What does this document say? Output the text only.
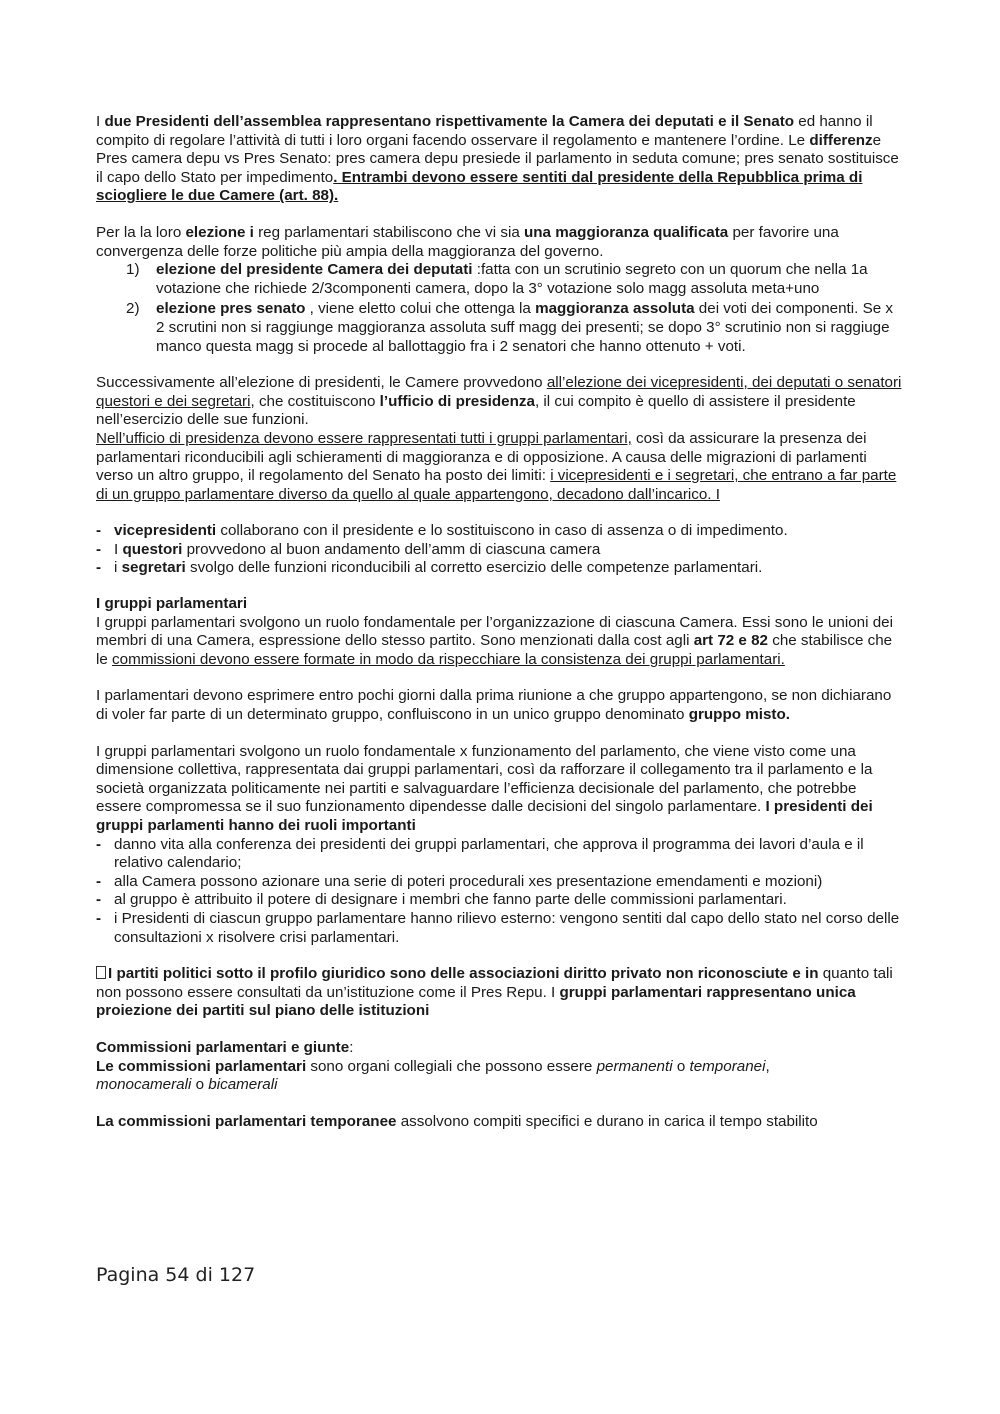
I due Presidenti dell’assemblea rappresentano rispettivamente la Camera dei deputati e il Senato ed hanno il compito di regolare l’attività di tutti i loro organi facendo osservare il regolamento e mantenere l’ordine. Le differenze Pres camera depu vs Pres Senato: pres camera depu presiede il parlamento in seduta comune; pres senato sostituisce il capo dello Stato per impedimento. Entrambi devono essere sentiti dal presidente della Repubblica prima di sciogliere le due Camere (art. 88).

Per la la loro elezione i reg parlamentari stabiliscono che vi sia una maggioranza qualificata per favorire una convergenza delle forze politiche più ampia della maggioranza del governo.

1) elezione del presidente Camera dei deputati :fatta con un scrutinio segreto con un quorum che nella 1a votazione che richiede 2/3componenti camera, dopo la 3° votazione solo magg assoluta meta+uno

2) elezione pres senato , viene eletto colui che ottenga la maggioranza assoluta dei voti dei componenti. Se x 2 scrutini non si raggiunge maggioranza assoluta suff magg dei presenti; se dopo 3° scrutinio non si raggiuge manco questa magg si procede al ballottaggio fra i 2 senatori che hanno ottenuto + voti.

Successivamente all’elezione di presidenti, le Camere provvedono all’elezione dei vicepresidenti, dei deputati o senatori questori e dei segretari, che costituiscono l’ufficio di presidenza, il cui compito è quello di assistere il presidente nell’esercizio delle sue funzioni.
Nell’ufficio di presidenza devono essere rappresentati tutti i gruppi parlamentari, così da assicurare la presenza dei parlamentari riconducibili agli schieramenti di maggioranza e di opposizione. A causa delle migrazioni di parlamenti verso un altro gruppo, il regolamento del Senato ha posto dei limiti: i vicepresidenti e i segretari, che entrano a far parte di un gruppo parlamentare diverso da quello al quale appartengono, decadono dall’incarico. I

- vicepresidenti collaborano con il presidente e lo sostituiscono in caso di assenza o di impedimento.

- I questori provvedono al buon andamento dell’amm di ciascuna camera

- i segretari svolgo delle funzioni riconducibili al corretto esercizio delle competenze parlamentari.

I gruppi parlamentari

I gruppi parlamentari svolgono un ruolo fondamentale per l’organizzazione di ciascuna Camera. Essi sono le unioni dei membri di una Camera, espressione dello stesso partito. Sono menzionati dalla cost agli art 72 e 82 che stabilisce che le commissioni devono essere formate in modo da rispecchiare la consistenza dei gruppi parlamentari.

I parlamentari devono esprimere entro pochi giorni dalla prima riunione a che gruppo appartengono, se non dichiarano di voler far parte di un determinato gruppo, confluiscono in un unico gruppo denominato gruppo misto.

I gruppi parlamentari svolgono un ruolo fondamentale x funzionamento del parlamento, che viene visto come una dimensione collettiva, rappresentata dai gruppi parlamentari, così da rafforzare il collegamento tra il parlamento e la società organizzata politicamente nei partiti e salvaguardare l’efficienza decisionale del parlamento, che potrebbe essere compromessa se il suo funzionamento dipendesse dalle decisioni del singolo parlamentare. I presidenti dei gruppi parlamenti hanno dei ruoli importanti

- danno vita alla conferenza dei presidenti dei gruppi parlamentari, che approva il programma dei lavori d’aula e il relativo calendario;

- alla Camera possono azionare una serie di poteri procedurali xes presentazione emendamenti e mozioni)

- al gruppo è attribuito il potere di designare i membri che fanno parte delle commissioni parlamentari.

- i Presidenti di ciascun gruppo parlamentare hanno rilievo esterno: vengono sentiti dal capo dello stato nel corso delle consultazioni x risolvere crisi parlamentari.

I partiti politici sotto il profilo giuridico sono delle associazioni diritto privato non riconosciute e in quanto tali non possono essere consultati da un’istituzione come il Pres Repu. I gruppi parlamentari rappresentano unica proiezione dei partiti sul piano delle istituzioni

Commissioni parlamentari e giunte:

Le commissioni parlamentari sono organi collegiali che possono essere permanenti o temporanei,
monocamerali o bicamerali

La commissioni parlamentari temporanee assolvono compiti specifici e durano in carica il tempo stabilito

Pagina 54 di 127
